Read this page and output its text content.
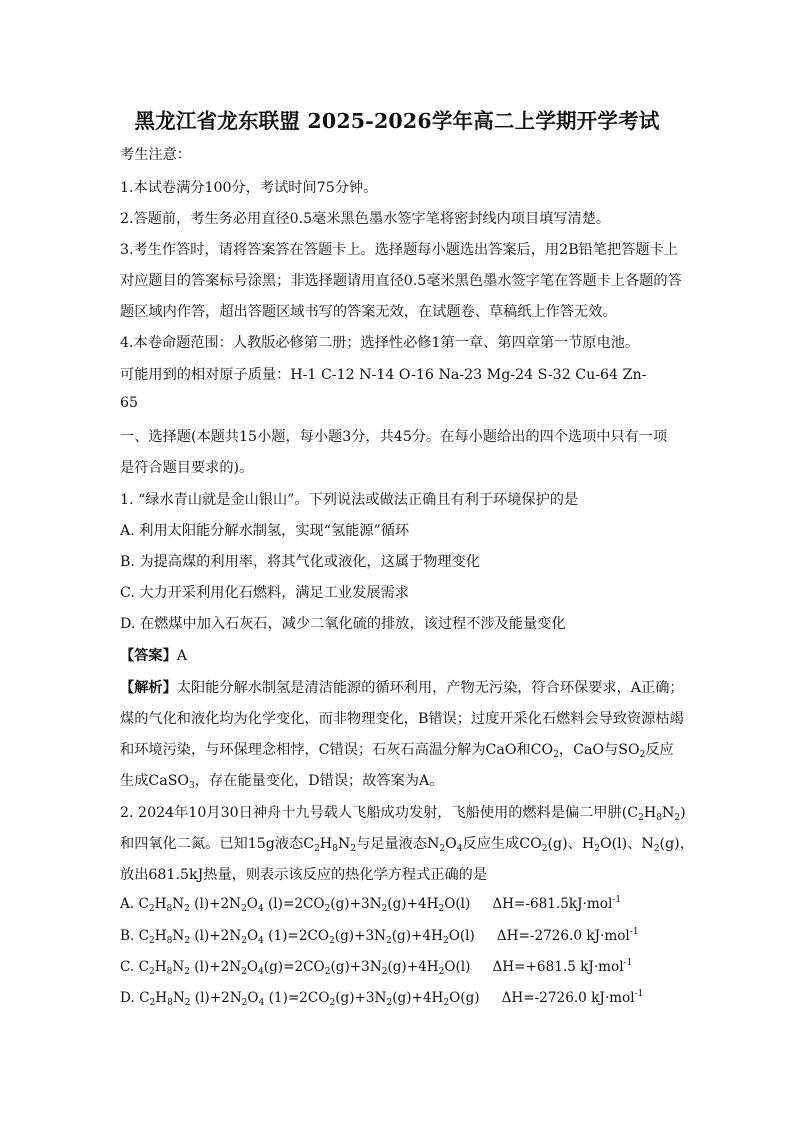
黑龙江省龙东联盟 2025-2026学年高二上学期开学考试
考生注意：
1.本试卷满分100分，考试时间75分钟。
2.答题前，考生务必用直径0.5毫米黑色墨水签字笔将密封线内项目填写清楚。
3.考生作答时，请将答案答在答题卡上。选择题每小题选出答案后，用2B铅笔把答题卡上
对应题目的答案标号涂黑；非选择题请用直径0.5毫米黑色墨水签字笔在答题卡上各题的答
题区域内作答，超出答题区域书写的答案无效，在试题卷、草稿纸上作答无效。
4.本卷命题范围：人教版必修第二册；选择性必修1第一章、第四章第一节原电池。
可能用到的相对原子质量：H-1 C-12 N-14 O-16 Na-23 Mg-24 S-32 Cu-64 Zn-
65
一、选择题(本题共15小题，每小题3分，共45分。在每小题给出的四个选项中只有一项
是符合题目要求的)。
1. “绿水青山就是金山银山”。下列说法或做法正确且有利于环境保护的是
A. 利用太阳能分解水制氢，实现“氢能源”循环
B. 为提高煤的利用率，将其气化或液化，这属于物理变化
C. 大力开采利用化石燃料，满足工业发展需求
D. 在燃煤中加入石灰石，减少二氧化硫的排放，该过程不涉及能量变化
【答案】A
【解析】太阳能分解水制氢是清洁能源的循环利用，产物无污染，符合环保要求，A正确；
煤的气化和液化均为化学变化，而非物理变化，B错误；过度开采化石燃料会导致资源枯竭
和环境污染，与环保理念相悖，C错误；石灰石高温分解为CaO和$CO_2$，CaO与$SO_2$反应
生成CaSO$_3$，存在能量变化，D错误；故答案为A。
2. 2024年10月30日神舟十九号载人飞船成功发射，飞船使用的燃料是偏二甲肼$(C_2H_8N_2)$
和四氧化二氮。已知15g液态$C_2H_8N_2$与足量液态$N_2O_4$反应生成$CO_2(g)$、$H_2O(l)$、$N_2(g)$，
放出681.5kJ热量，则表示该反应的热化学方程式正确的是
A. $C_2H_8N_2$ $(l)+2N_2O_4$ $(l)=2CO_2(g)+3N_2(g)+4H_2O(l)$ ΔH=-681.5kJ·mol$^{-1}$
B. $C_2H_8N_2$ $(l)+2N_2O_4$ $(1)=2CO_2(g)+3N_2(g)+4H_2O(l)$ ΔH=-2726.0 kJ·mol$^{-1}$
C. $C_2H_8N_2$ $(l)+2N_2O_4(g)=2CO_2(g)+3N_2(g)+4H_2O(l)$ ΔH=+681.5 kJ·mol$^{-1}$
D. $C_2H_8N_2$ $(l)+2N_2O_4$ $(1)=2CO_2(g)+3N_2(g)+4H_2O(g)$ ΔH=-2726.0 kJ·mol$^{-1}$
